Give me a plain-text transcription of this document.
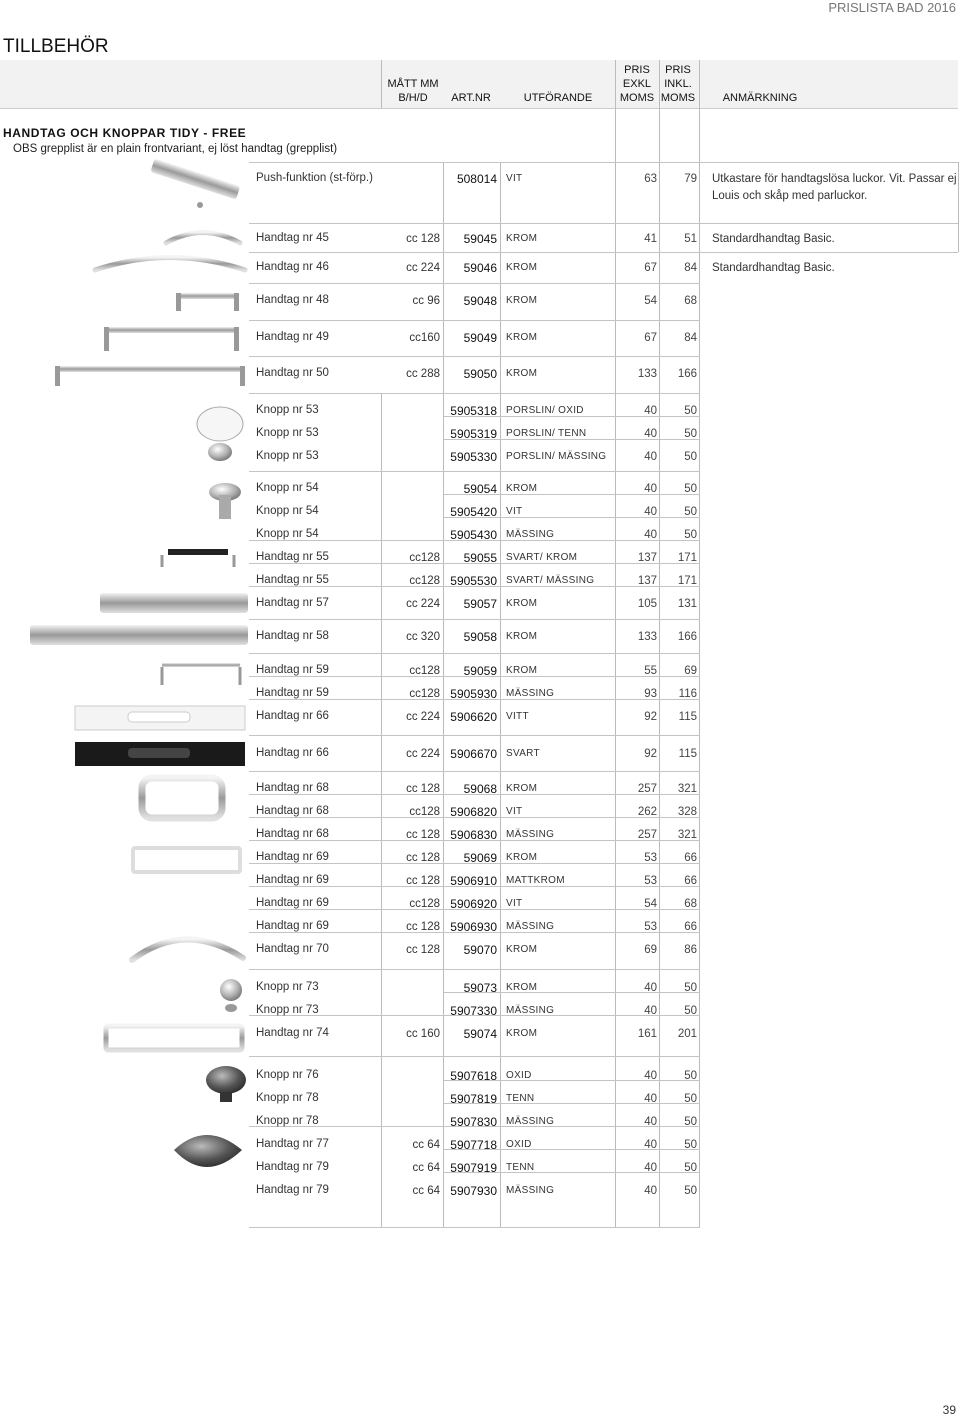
PRISLISTA BAD 2016
TILLBEHÖR
MÅTT MM
B/H/D	ART.NR	UTFÖRANDE
PRIS
EXKL
MOMS
PRIS
INKL.
MOMS	ANMÄRKNING
HANDTAG OCH KNOPPAR TIDY - FREE
OBS grepplist är en plain frontvariant, ej löst handtag (grepplist)
Push-funktion (st-förp.)	508014 VIT	63 79 Utkastare för handtagslösa luckor. Vit. Passar ej Louis och skåp med parluckor.
Handtag nr 45	cc 128 59045 KROM	41 51 Standardhandtag Basic.
Handtag nr 46	cc 224 59046 KROM	67 84 Standardhandtag Basic.
Handtag nr 48	cc 96 59048 KROM	54 68
Handtag nr 49	cc160 59049 KROM	67 84
Handtag nr 50	cc 288 59050 KROM	133 166
Knopp nr 53	5905318 PORSLIN/ OXID	40 50
Knopp nr 53	5905319 PORSLIN/ TENN	40 50
Knopp nr 53	5905330 PORSLIN/ MÄSSING	40 50
Knopp nr 54	59054 KROM	40 50
Knopp nr 54	5905420 VIT	40 50
Knopp nr 54	5905430 MÄSSING	40 50
Handtag nr 55	cc128 59055 SVART/ KROM	137 171
Handtag nr 55	cc128 5905530 SVART/ MÄSSING	137 171
Handtag nr 57	cc 224 59057 KROM	105 131
Handtag nr 58	cc 320 59058 KROM	133 166
Handtag nr 59	cc128 59059 KROM	55 69
Handtag nr 59	cc128 5905930 MÄSSING	93 116
Handtag nr 66	cc 224 5906620 VITT	92 115
Handtag nr 66	cc 224 5906670 SVART	92 115
Handtag nr 68	cc 128 59068 KROM	257 321
Handtag nr 68	cc128 5906820 VIT	262 328
Handtag nr 68	cc 128 5906830 MÄSSING	257 321
Handtag nr 69	cc 128 59069 KROM	53 66
Handtag nr 69	cc 128 5906910 MATTKROM	53 66
Handtag nr 69	cc128 5906920 VIT	54 68
Handtag nr 69	cc 128 5906930 MÄSSING	53 66
Handtag nr 70	cc 128 59070 KROM	69 86
Knopp nr 73	59073 KROM	40 50
Knopp nr 73	5907330 MÄSSING	40 50
Handtag nr 74	cc 160 59074 KROM	161 201
Knopp nr 76	5907618 OXID	40 50
Knopp nr 78	5907819 TENN	40 50
Knopp nr 78	5907830 MÄSSING	40 50
Handtag nr 77	cc 64 5907718 OXID	40 50
Handtag nr 79	cc 64 5907919 TENN	40 50
Handtag nr 79	cc 64 5907930 MÄSSING	40 50
39
